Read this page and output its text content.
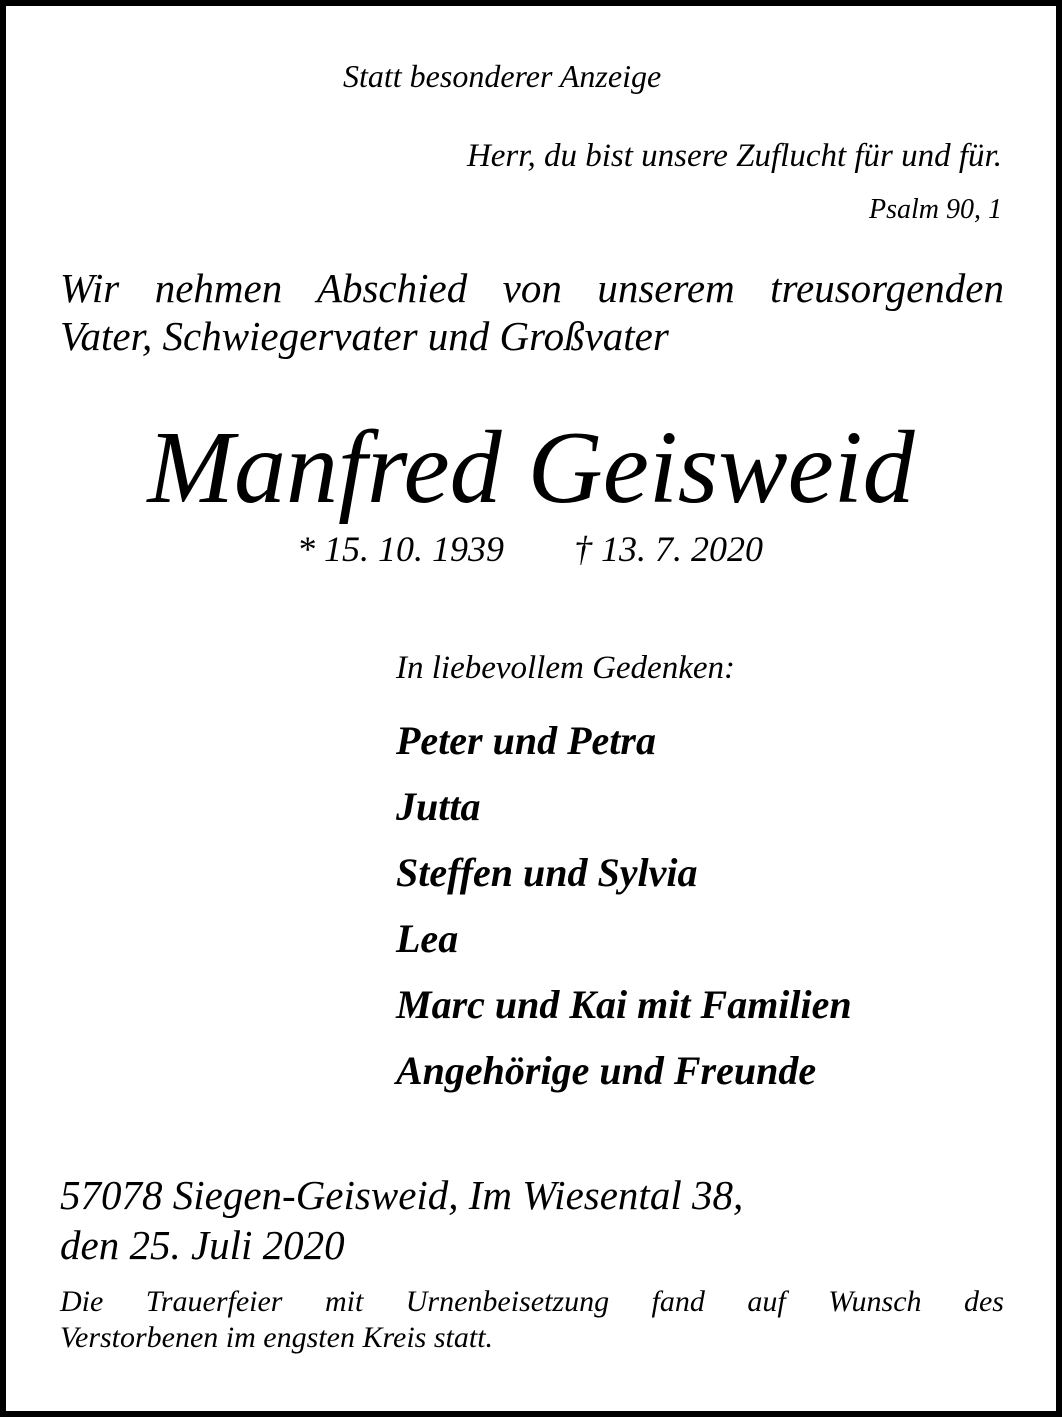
Statt besonderer Anzeige
Herr, du bist unsere Zuflucht für und für.
Psalm 90, 1
Wir nehmen Abschied von unserem treusorgenden
Vater, Schwiegervater und Großvater
Manfred Geisweid
* 15. 10. 1939 † 13. 7. 2020
In liebevollem Gedenken:
Peter und Petra
Jutta
Steffen und Sylvia
Lea
Marc und Kai mit Familien
Angehörige und Freunde
57078 Siegen-Geisweid, Im Wiesental 38,
den 25. Juli 2020
Die Trauerfeier mit Urnenbeisetzung fand auf Wunsch des
Verstorbenen im engsten Kreis statt.
